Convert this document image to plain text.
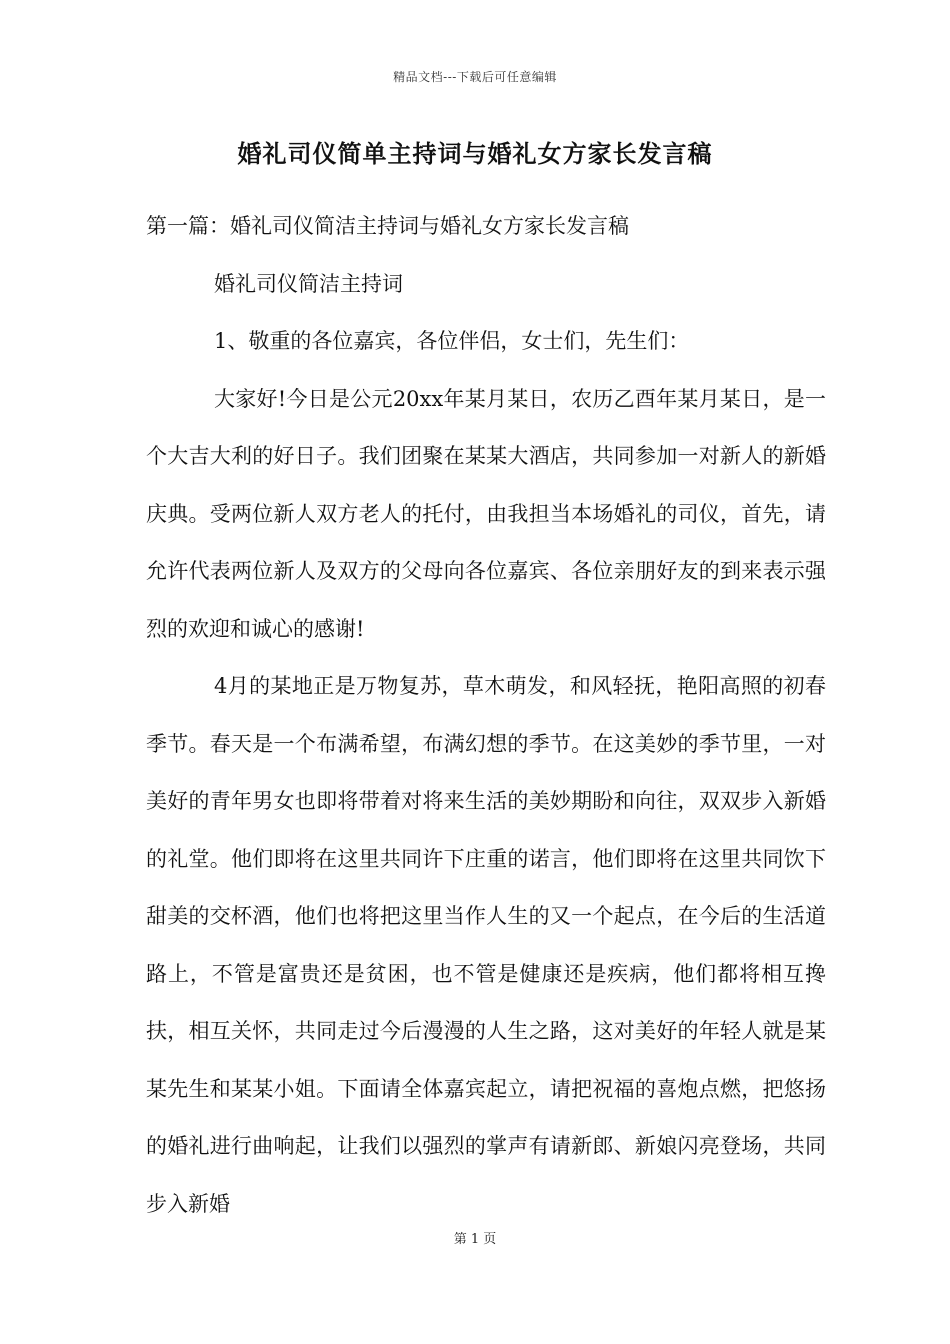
精品文档---下载后可任意编辑
婚礼司仪简单主持词与婚礼女方家长发言稿

第一篇：婚礼司仪简洁主持词与婚礼女方家长发言稿

婚礼司仪简洁主持词

1、敬重的各位嘉宾，各位伴侣，女士们，先生们：

大家好!今日是公元20xx年某月某日，农历乙酉年某月某日，是一个大吉大利的好日子。我们团聚在某某大酒店，共同参加一对新人的新婚庆典。受两位新人双方老人的托付，由我担当本场婚礼的司仪，首先，请允许代表两位新人及双方的父母向各位嘉宾、各位亲朋好友的到来表示强烈的欢迎和诚心的感谢!

4月的某地正是万物复苏，草木萌发，和风轻抚，艳阳高照的初春季节。春天是一个布满希望，布满幻想的季节。在这美妙的季节里，一对美好的青年男女也即将带着对将来生活的美妙期盼和向往，双双步入新婚的礼堂。他们即将在这里共同许下庄重的诺言，他们即将在这里共同饮下甜美的交杯酒，他们也将把这里当作人生的又一个起点，在今后的生活道路上，不管是富贵还是贫困，也不管是健康还是疾病，他们都将相互搀扶，相互关怀，共同走过今后漫漫的人生之路，这对美好的年轻人就是某某先生和某某小姐。下面请全体嘉宾起立，请把祝福的喜炮点燃，把悠扬的婚礼进行曲响起，让我们以强烈的掌声有请新郎、新娘闪亮登场，共同步入新婚

第 1 页
